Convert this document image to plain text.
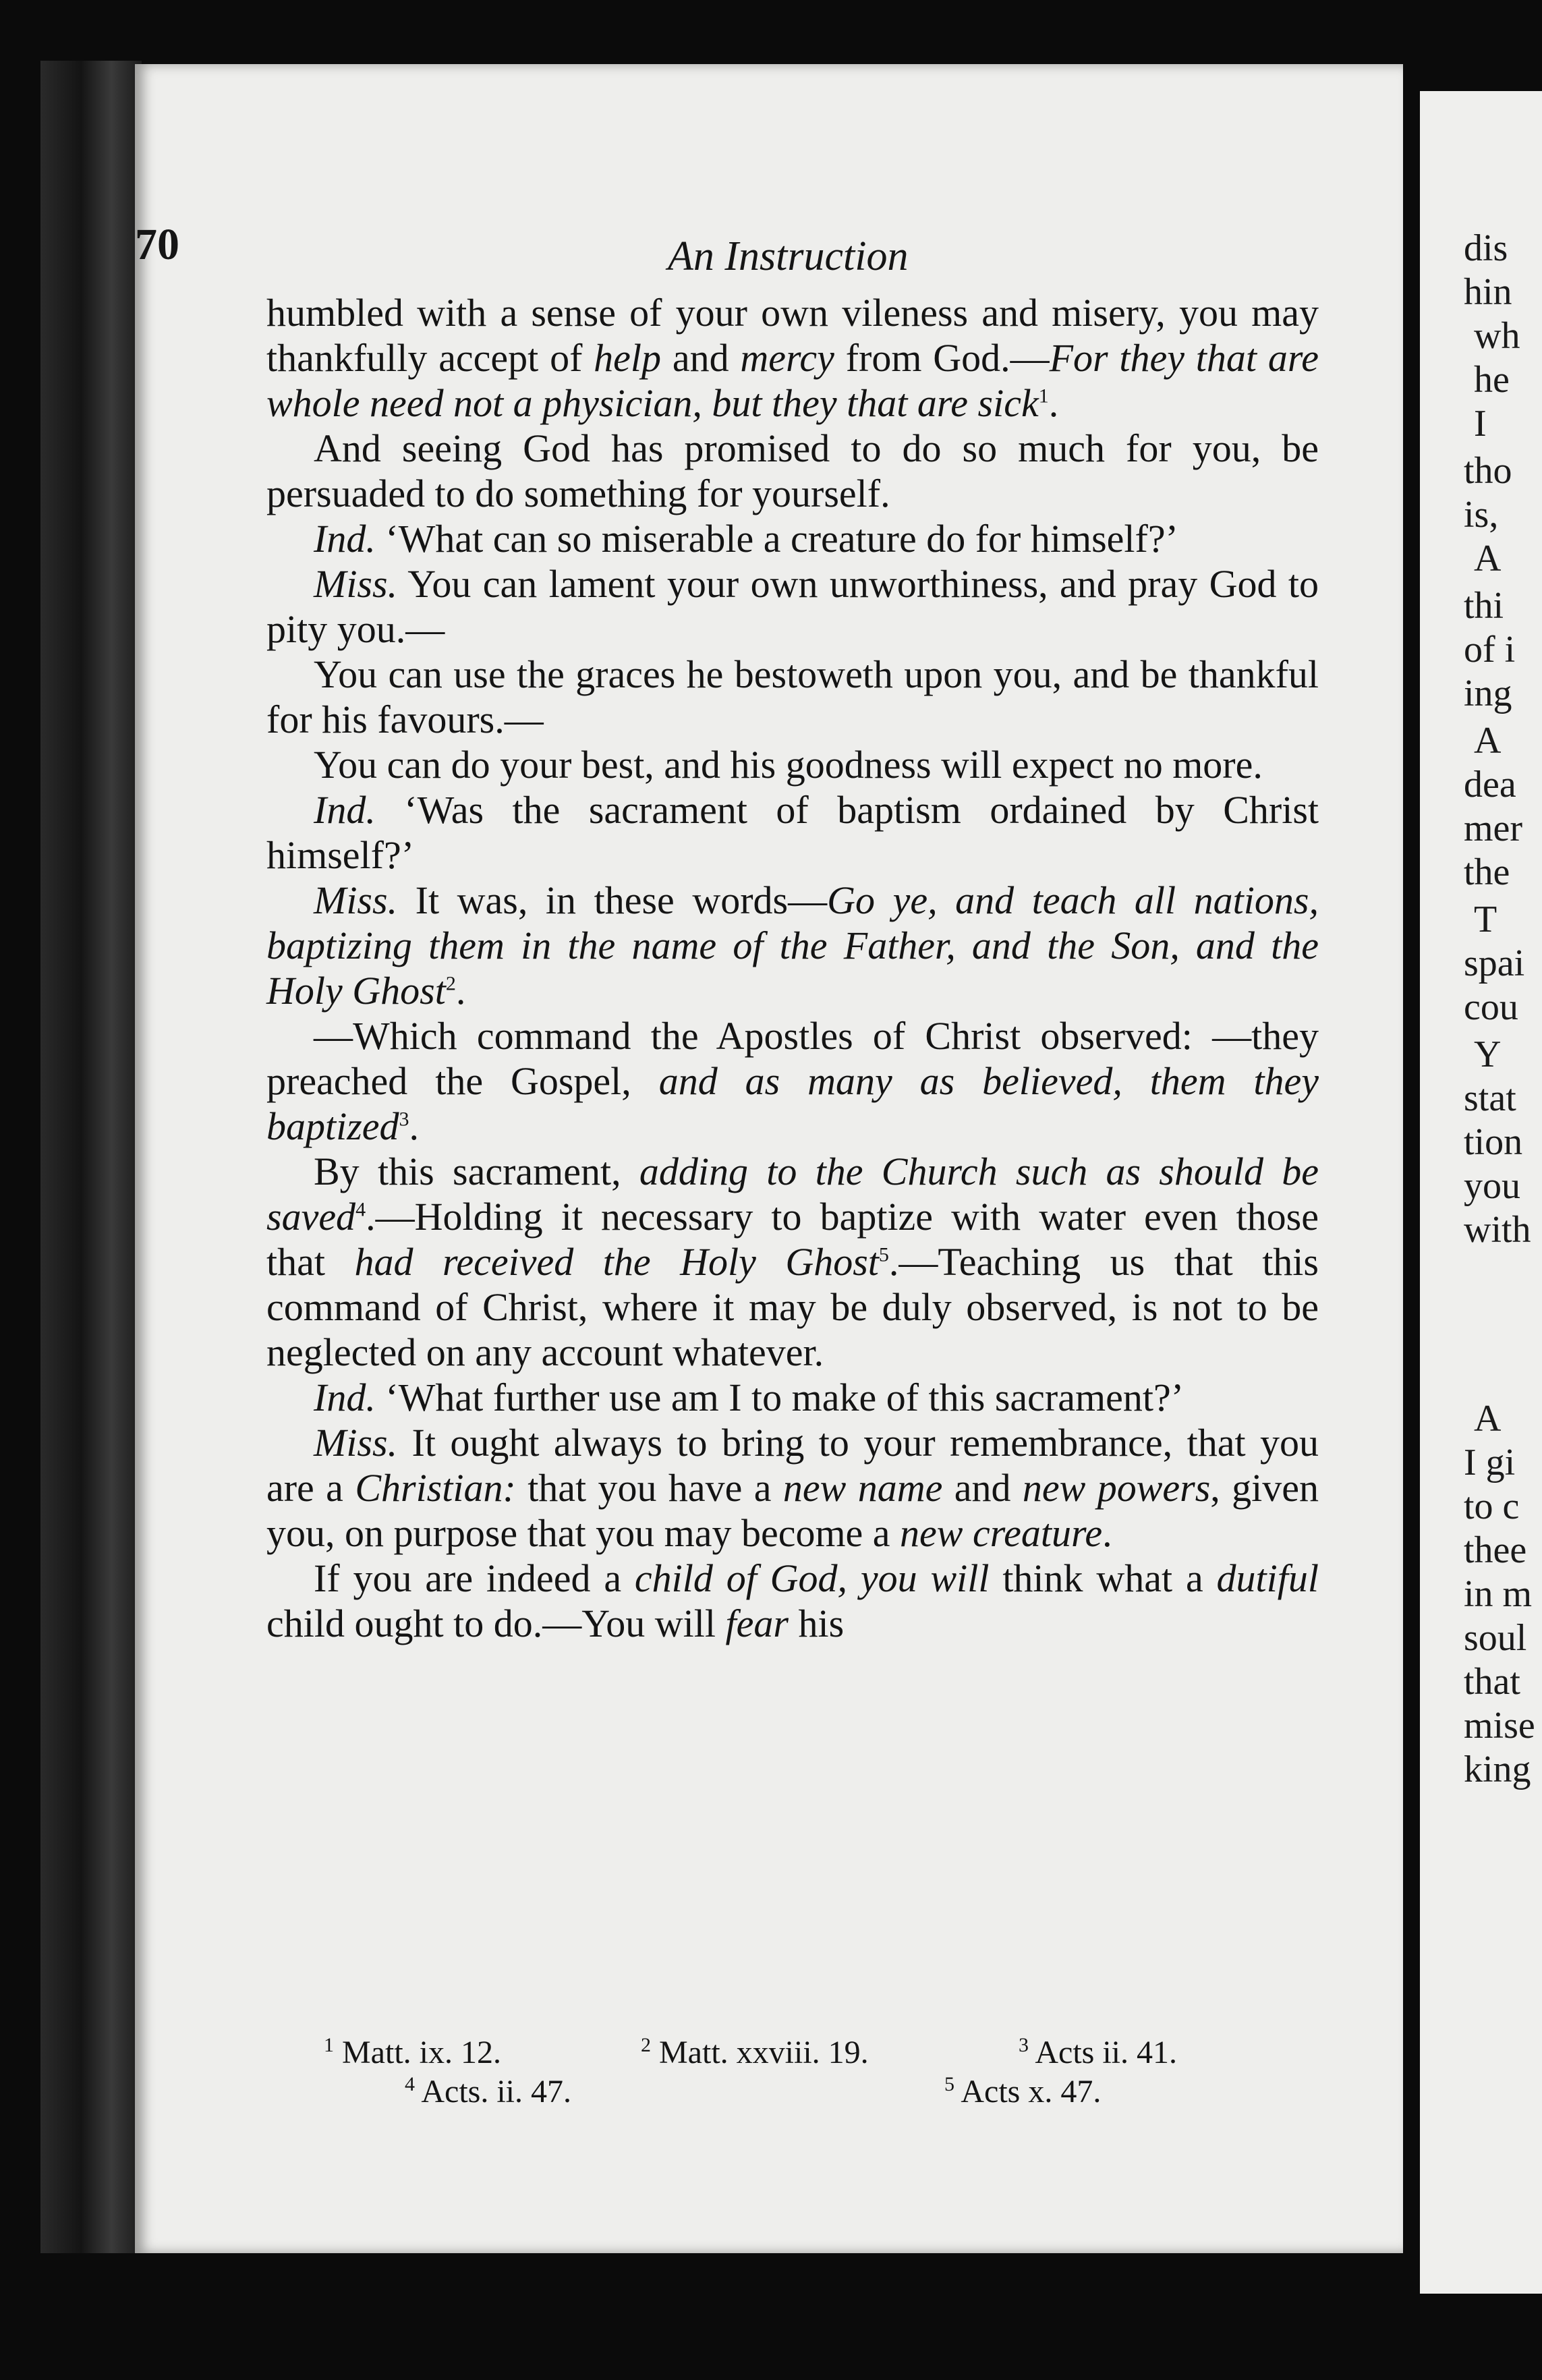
70	An Instruction

humbled with a sense of your own vileness and misery, you may thankfully accept of help and mercy from God.—For they that are whole need not a physician, but they that are sick$^1$.

And seeing God has promised to do so much for you, be persuaded to do something for yourself.

Ind. ‘What can so miserable a creature do for himself?’

Miss. You can lament your own unworthiness, and pray God to pity you.—

You can use the graces he bestoweth upon you, and be thankful for his favours.—

You can do your best, and his goodness will expect no more.

Ind. ‘Was the sacrament of baptism ordained by Christ himself?’

Miss. It was, in these words—Go ye, and teach all nations, baptizing them in the name of the Father, and the Son, and the Holy Ghost$^2$.

—Which command the Apostles of Christ observed: —they preached the Gospel, and as many as believed, them they baptized$^3$.

By this sacrament, adding to the Church such as should be saved$^4$.—Holding it necessary to baptize with water even those that had received the Holy Ghost$^5$.—Teaching us that this command of Christ, where it may be duly observed, is not to be neglected on any account whatever.

Ind. ‘What further use am I to make of this sacrament?’

Miss. It ought always to bring to your remembrance, that you are a Christian: that you have a new name and new powers, given you, on purpose that you may become a new creature.

If you are indeed a child of God, you will think what a dutiful child ought to do.—You will fear his

$^1$ Matt. ix. 12.	$^2$ Matt. xxviii. 19.	$^3$ Acts ii. 41.
$^4$ Acts. ii. 47.	$^5$ Acts x. 47.
dis
hin
wh
he
I
tho
is,
A
thi
of i
ing
A
dea
mer
the
T
spai
cou
Y
stat
tion
you
with
A
I gi
to c
thee
in m
soul
that
mise
king
